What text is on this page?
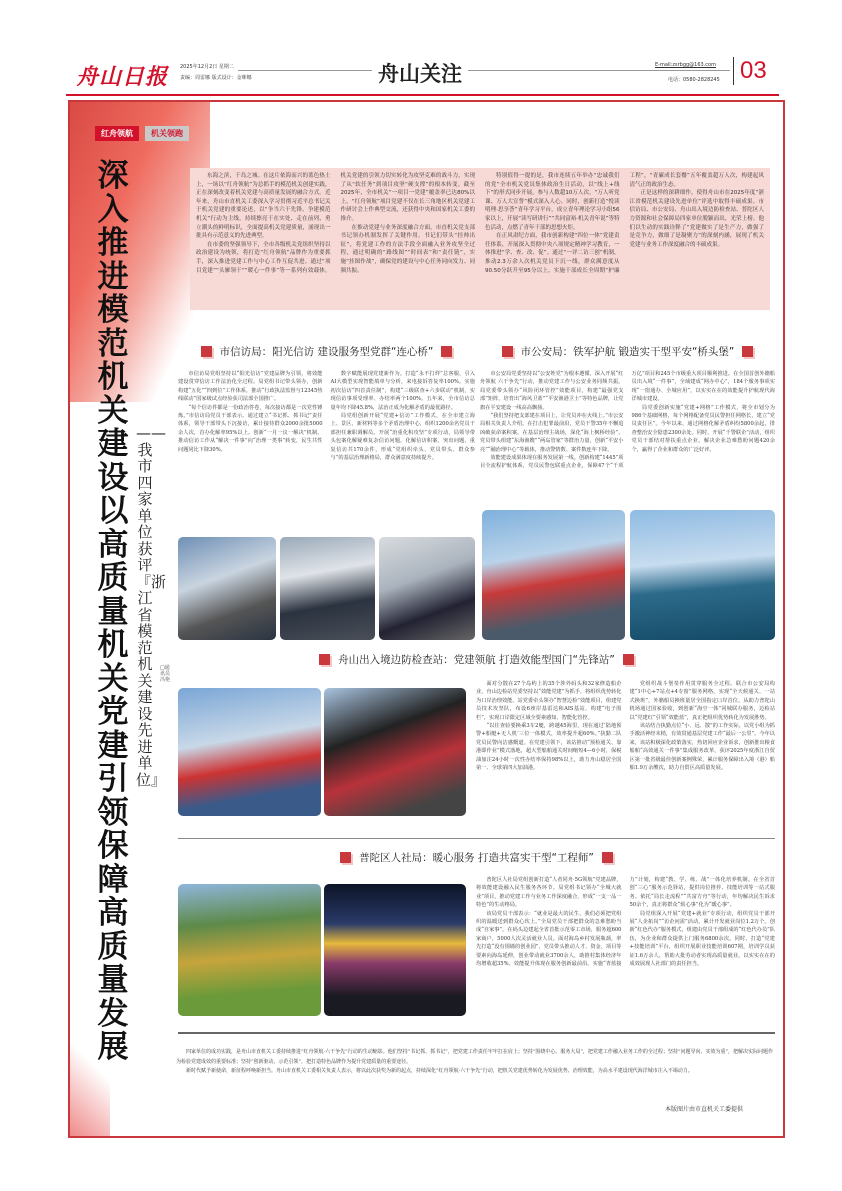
舟山日报 2025年12月2日 星期二
责编：周雷娜 版式设计：金咪娜	舟山关注	E-mail:zsrbgg@163.com
电话：0580-2828245 03
红舟领航	机关领跑
深入推进模范机关建设 以高质量机关党建引领保障高质量发展
——我市四家单位获评『浙江省模范机关建设先进单位』
□通讯员 冯艳

东海之滨，千岛之城。在这片依海而兴的蓝色热土上，一场以“红舟领航”为总抓手的模范机关创建实践，正在深刻改变着机关党建与高质量发展的融合方式。近年来，舟山市直机关工委深入学习贯彻习近平总书记关于机关党建的重要论述，以“争当六干先锋、争建模范机关”行动为主线，持续擦亮干在实处、走在前列、勇立潮头的鲜明标识，全面提高机关党建质量，涌现出一批具有示范意义的先进典型。

在市委的坚强领导下，全市各级机关党组织坚持以政治建设为统领，将打造“红舟领航”品牌作为重要抓手，深入推进党建工作与中心工作互促共进。通过“项目党建”“头雁领干”“暖心一件事”等一系列有效载体，机关党建的引领力切实转化为攻坚克难的战斗力，实现了从“软任务”到项目攻坚“硬支撑”的根本转变。截至2025年，全市机关“一项目一党建”覆盖率已达80%以上，“红舟领航”项目党建不仅在长三角地区机关党建工作研讨会上作典型交流，还获得中央和国家机关工委的推介。

在推动党建与业务深度融合方面，市直机关党支部书记领办机制发挥了关键作用。书记们带头“挂帅出征”，将党建工作的方法手段全面融入业务攻坚全过程，通过明确的“路线图”“时间表”和“责任链”，实施“挂图作战”，确保党的建设与中心任务同向发力、同频共振。

特别值得一提的是，我市连续五年举办“忠诚我们的党”全市机关党员集体政治生日活动，以“线上+线下”的形式同步开展，参与人数超10万人次。“万人听党课、万人大宣誓”模式深入人心。同时，创新打造“悦读明理·思享荟”青年学习平台，成立青年理论学习小组56家以上，开展“读写研讲行”“共同富裕·机关青年说”等特色活动，点燃了青年干部的思想火炬。

在正风肃纪方面，我市创新构建“四位一体”党建责任体系，开展深入贯彻中央八项规定精神学习教育，一体推进“学、查、改、促”。通过“一评二访三创”机制，推动2.3万余人次机关党员下沉一线，群众满意度从90.50分跃升至95分以上。实施干部成长全周期“护廉工程”，“青廉成长套餐”五年覆盖超万人次，构建起风清气正的政治生态。

正是这样的深耕细作，使得舟山市在2025年度“浙江省模范机关建设先进单位”评选中取得丰硕成果。市信访局、市公安局、舟山出入境边防检查站、普陀区人力资源和社会保障局四家单位脱颖而出，光荣上榜。他们以生动的实践诠释了“党建做实了是生产力，做强了是竞争力，做细了是凝聚力”的深刻内涵，展现了机关党建与业务工作深度融合的丰硕成果。

市信访局：阳光信访 建设服务型党群“连心桥”

市信访局党组坚持以“阳光信访”党建品牌为引领，将效能建设贯穿信访工作法治化全过程。局党组书记带头领办，创新构建“五化”“四到位”工作体系，推动“行政执法监督与12345热线联动”国家级试点经验获司法部全国推广。

“每个信访件都是一份政治答卷，每次接访都是一次党性锤炼。”市信访局党员干部表示。通过建立“书记抓、抓书记”责任体系，领导干部带头下沉接访，累计接待群众2000余批5000余人次，首办化解率95%以上。创新“一月一议一解决”机制，推动信访工作从“解决一件事”向“治理一类事”转变，民生共性问题同比下降30%。

数字赋能展现党建新作为。打造“永不打烊”总客服，引入AI大模型实现智能填单与分析，来电接诉答复率100%。实施初次信访“四首责任制”，构建“三级联查+六步联动”机制，实现信访事项受理率、办结率两个100%。五年来，全市信访总量年均下降45.8%，法治正成为化解矛盾的最优路径。

局党组创新开展“党建+信访”工作模式，在全市建立海上、景区、新材料等多个矛盾治理中心，组织1200余名党员干部担任兼职调解员。开展“治重化积攻坚”专项行动，局领导带头包案化解疑难复杂信访问题，化解信访积案、突出问题、重复信访共170余件，形成“党组织牵头、党员带头、群众参与”的基层治理新格局，群众满意度持续提升。

市公安局：铁军护航 锻造实干型平安“桥头堡”

市公安局党委坚持以“公安姓党”为根本遵循，深入开展“红舟领航 六干争先”行动，推动党建工作与公安业务同频共振。局党委带头领办“风险闭环管控”效能项目，构建“最强党支部”矩阵，培育出“海风卫蓝”“平安渔港卫士”等特色品牌，让党旗在平安建设一线高高飘扬。

“我们坚持把支部建在项目上，让党员冲在火线上。”市公安局相关负责人介绍。在打击犯罪最前沿，党员干警35年不懈追凶破获命案积案。在基层治理主战场，深化“海上枫桥经验”，党员带头组建“东海渔嫂”“两岛管家”等群治力量，创新“平安小亮”“融治理中心”等载体，推动警情数、案件数连年下降。

效能建设成果体现在服务发展第一线。创新构建“1445”项目全流程护航体系，党员民警包联重点企业，保障47个“千项万亿”项目和245个市级重大项目顺利推进。在全国首创外籍船员出入境“一件事”，全域建成“网办中心”，184个服务事项实现“一窗通办、全城应用”，以实实在在的效能提升护航现代海洋城市建设。

局党委创新实施“党建+网格”工作模式，将全市划分为986个基础网格，每个网格配备党员民警担任网格长，建立“党员责任区”。今年以来，通过网格化解矛盾纠纷5800余起，排查整治安全隐患2300余处。同时，开展“千警联企”活动，组织党员干部结对帮扶重点企业，解决企业急难愁盼问题420余个，赢得了企业和群众的广泛好评。

舟山出入境边防检查站：党建领航 打造效能型国门“先锋站”

面对分散在27个岛屿上的35个涉外码头和32家修造船企业，舟山边检站党委坚持以“效能党建”为抓手，将组织优势转化为口岸治理效能。站党委牵头领办“智慧边检”效能项目，组建党员技术攻坚队，布设6座岸基雷达和AIS基站，构建“电子围栏”，实现口岸限定区域全要素感知、智能化管控。

“以往查验要换乘3车2艇，跨越45海里，现在通过‘陆地预警+船艇+无人机’三位一体模式，效率提升超60%。”执勤二队党员民警向洁感慨道。在党建引领下，该站推动“预检通关、靠港即作业”模式落地，超大型船舶通关时间缩短4—6小时，保税油加注24小时一次性办结率保持98%以上，助力舟山稳居全国第一、全球第四大加油港。

党组织战斗堡垒作用贯穿服务全过程。联合市公安局构建“1中心+7站点+4专窗”服务网格，实现“全天候通关、一站式换班”，外籍船员换班量居全国指定口岸首位。从助力普陀山机场通过国家验收，到创新“海空一体”同城联办服务，边检站以“党建红”引领“效能蓝”，真正把组织优势转化为发展胜势。

该站结合执勤点位“小、远、散”的工作实际，以党小组为抓手激活神经末梢，有效贯通基层党建工作“最后一公里”。今年以来，该站积极深化政策落实，热切回应企业诉求，创新推出粮食船舶“高效通关一件事”集成服务改革，获评2025年度浙江自贸区第一批省级最佳创新案例殊荣，累计服务保障出入境（港）船舶1.9万余艘次，助力自贸区高质量发展。

普陀区人社局：暖心服务 打造共富实干型“工程师”

普陀区人社局党组创新打造“人者同舟·5G领航”党建品牌，将效能建设融入民生服务各环节。局党组书记领办“全城大就业”项目，推动党建工作与业务工作深度融合，形成“一支一品一特色”的生动格局。

该局党员干部表示：“就业是最大的民生，我们必须把党组织的温暖送到群众心坎上。”全局党员干部把群众的急难愁盼当成“自家事”，在码头边建起全省首批示范零工市场，服务超600家商户，5000人次灵活就业人员。面对海岛乡村发展瓶颈，率先打造“没有围墙的创业园”，党员带头推动人才、资金、项目等要素向海岛延伸，创业带动就业3700余人，助推村集体经济年均增收超35%。效能提升体现在服务创新最前沿。实施“青蓝接力”计划，构建“教、学、练、战”一体化培养机制。在全省首创“三心”服务示范驿站，提供岗位推荐、技能培训等一站式服务。依托“局长走流程”“共富方舟”等行动，年均解决民生诉求50余个，真正将群众“烦心事”化为“暖心事”。

局党组深入开展“党建+就业”专项行动，组织党员干部开展“人企拓岗”“访企问需”活动，累计开发就业岗位1.2万个。创新“红色代办”服务模式，组建由党员干部组成的“红色代办员”队伍，为企业和群众提供上门服务6800余次。同时，打造“党建+技能培训”平台，组织开展职业技能培训607期，培训学员获证1.6万余人，帮助大批劳动者实现高质量就业，以实实在在的成效展现人社部门的责任担当。

四家单位的成功实践，是舟山市直机关工委持续推进“红舟领航·六干争先”行动的生动缩影。他们坚持“书记抓、抓书记”，把党建工作责任牢牢扛在肩上；坚持“围绕中心、服务大局”，把党建工作融入业务工作的全过程；坚持“问题导向、实效为重”，把解决实际问题作为检验党建成效的重要标准；坚持“创新驱动、示范引领”，把打造特色品牌作为提升党建质量的重要途径。

新时代赋予新使命，新征程呼唤新担当。舟山市直机关工委相关负责人表示，将以此次获奖为新的起点，持续深化“红舟领航·六干争先”行动，把机关党建优势转化为发展优势、治理效能，为高水平建设现代海洋城市注入不竭动力。

本版图片由市直机关工委提供
